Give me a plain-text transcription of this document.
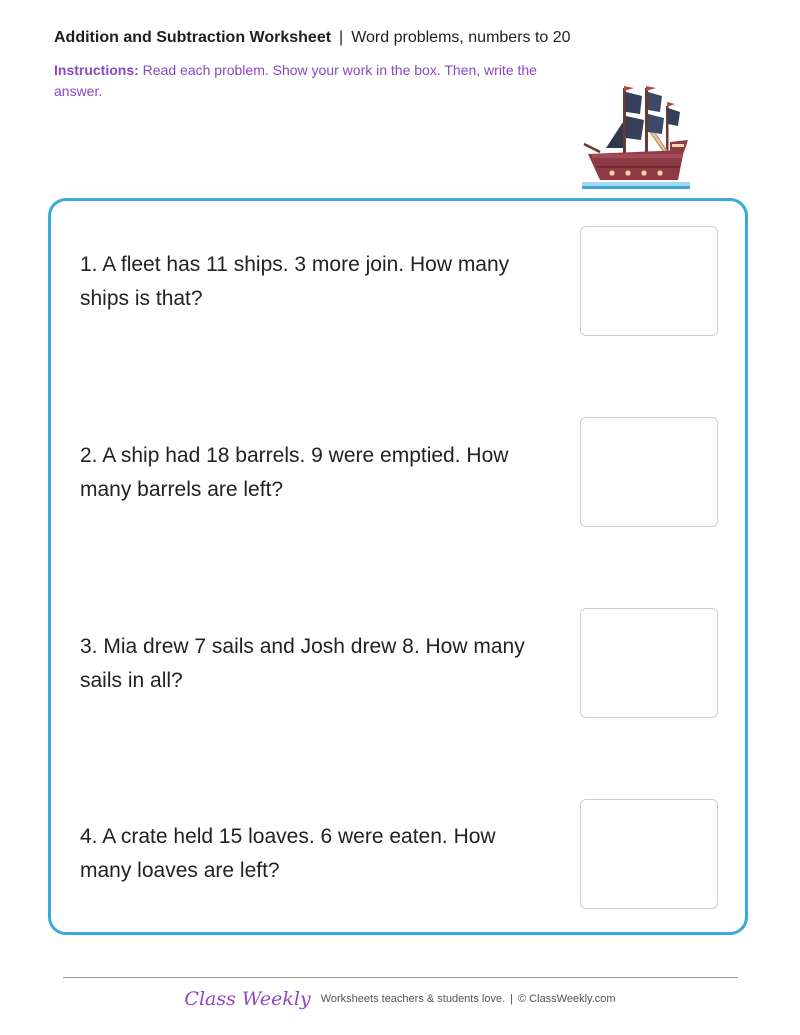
Addition and Subtraction Worksheet | Word problems, numbers to 20
Instructions: Read each problem. Show your work in the box. Then, write the answer.
1. A fleet has 11 ships. 3 more join. How many ships is that?
2. A ship had 18 barrels. 9 were emptied. How many barrels are left?
3. Mia drew 7 sails and Josh drew 8. How many sails in all?
4. A crate held 15 loaves. 6 were eaten. How many loaves are left?
Class Weekly Worksheets teachers & students love. | © ClassWeekly.com
